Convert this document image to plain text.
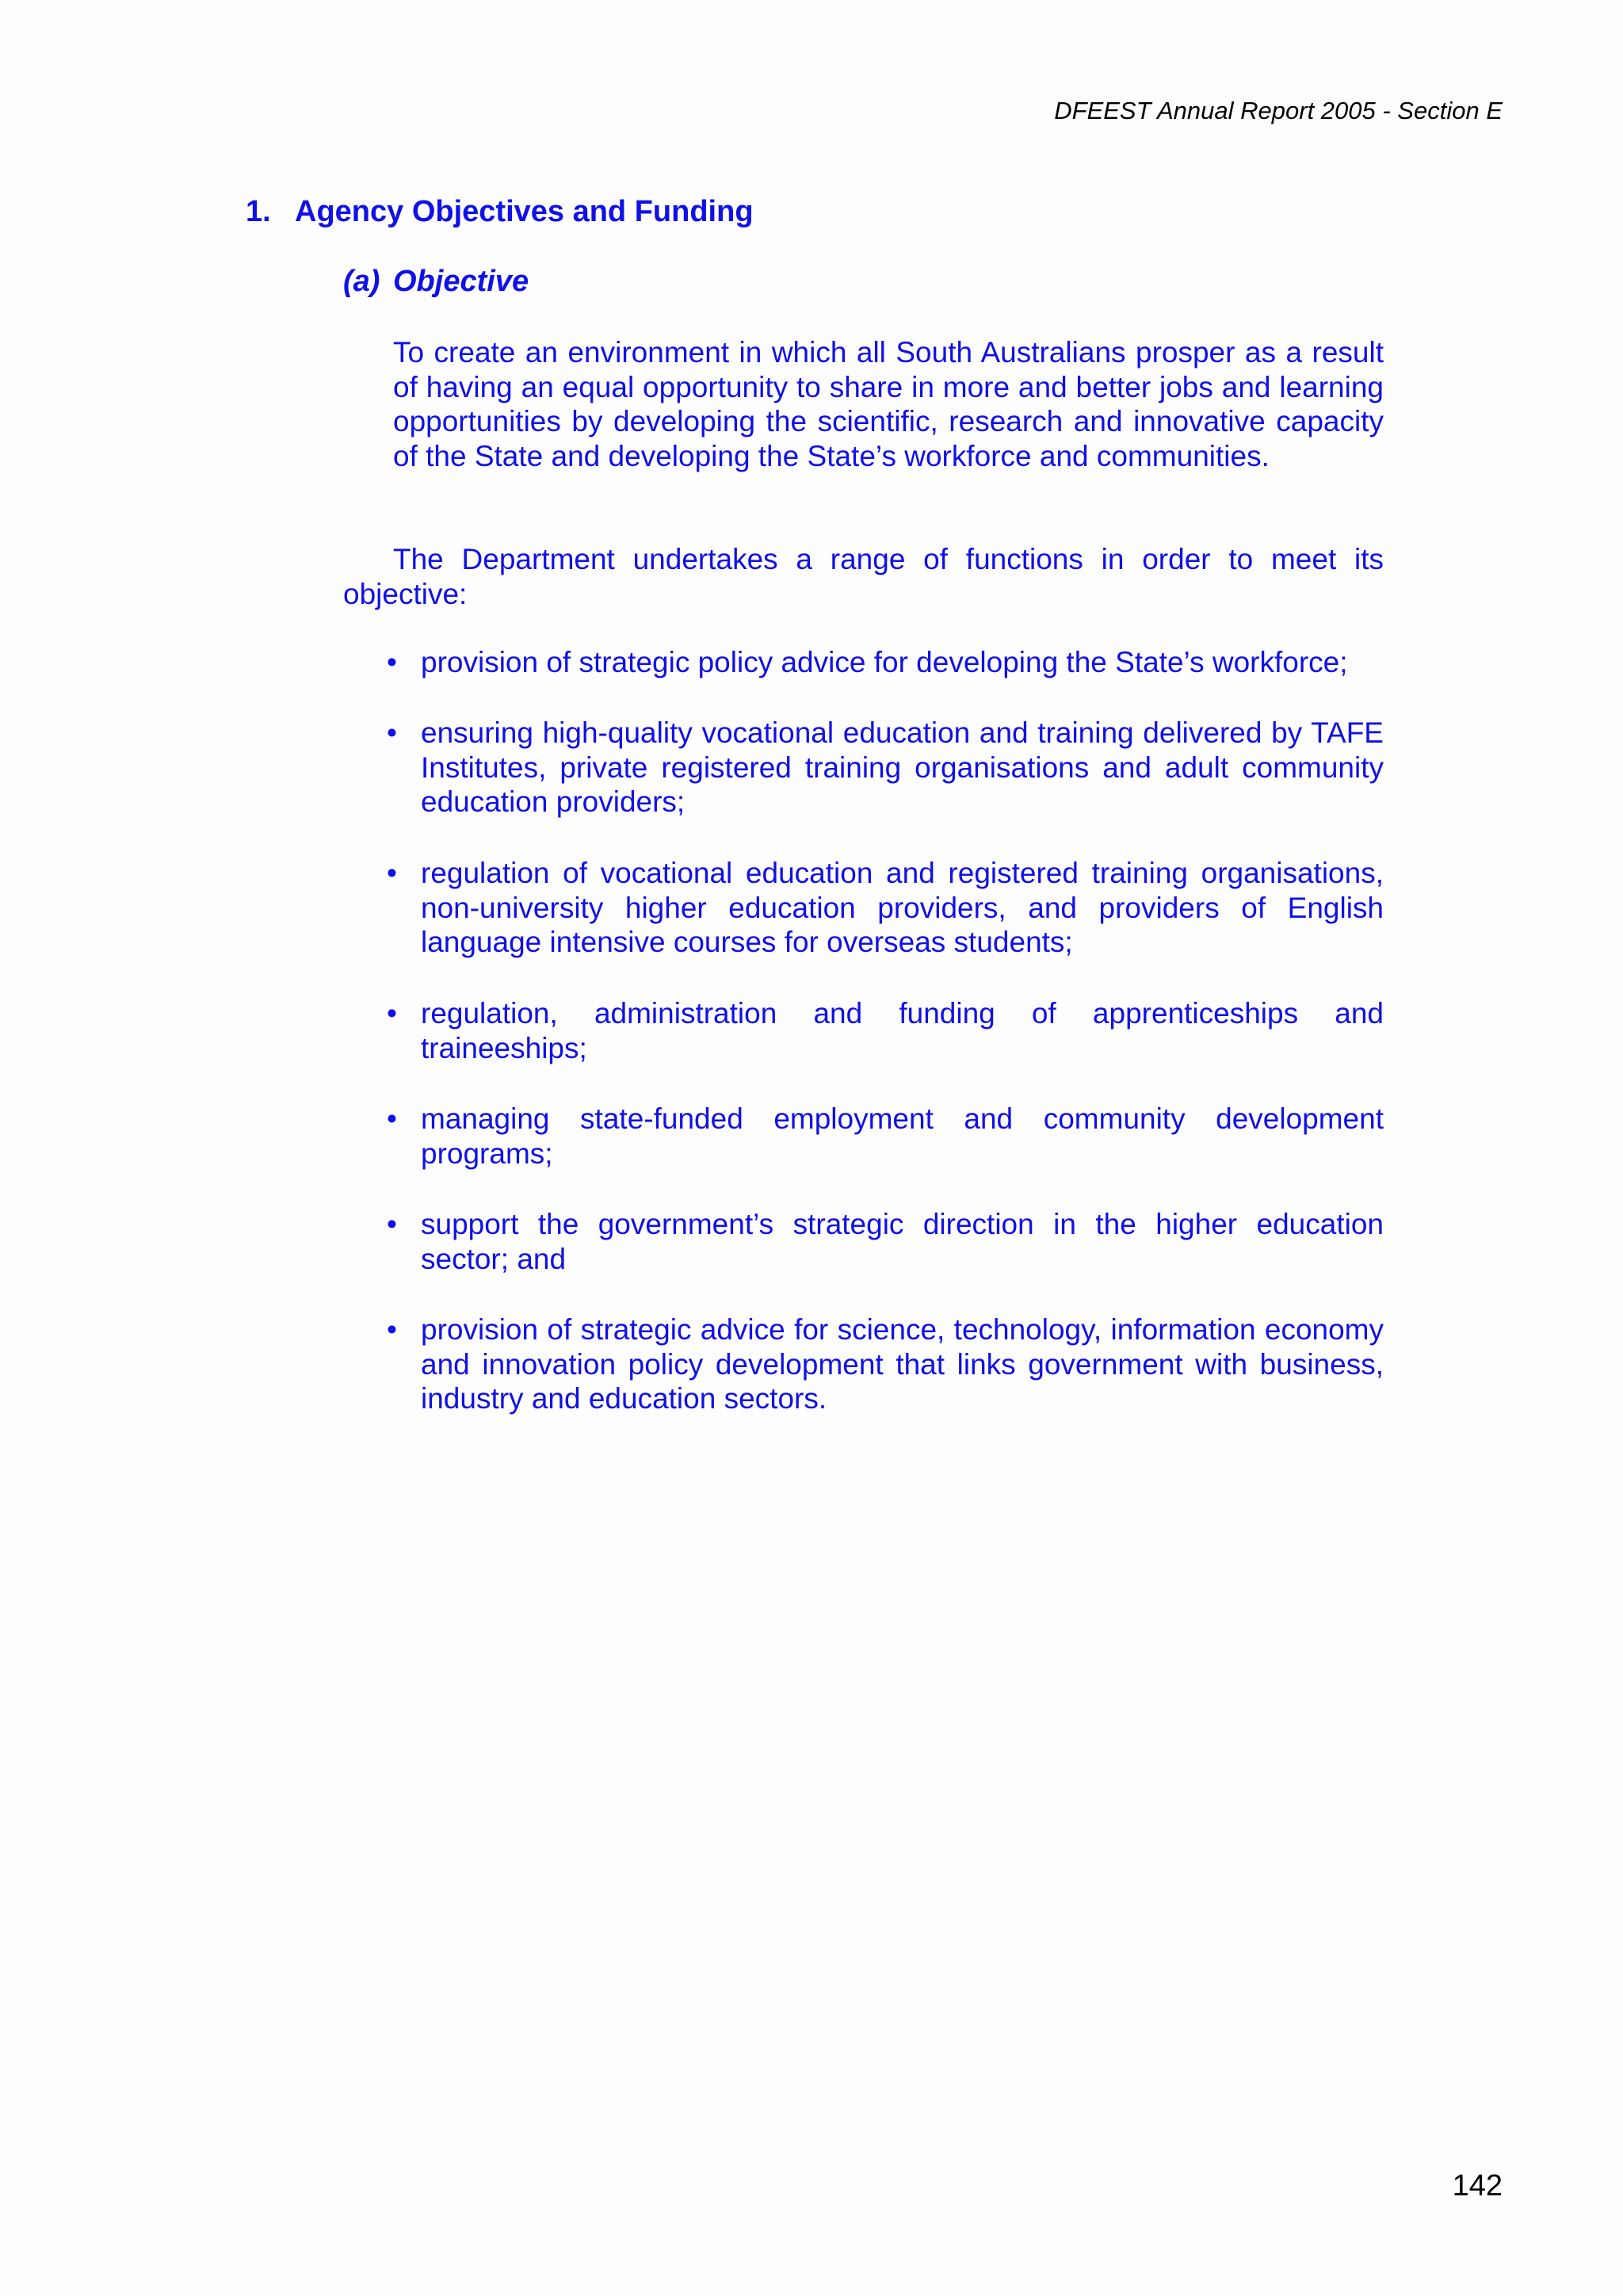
DFEEST Annual Report 2005 - Section E
1. Agency Objectives and Funding
(a) Objective

To create an environment in which all South Australians prosper as a result of having an equal opportunity to share in more and better jobs and learning opportunities by developing the scientific, research and innovative capacity of the State and developing the State’s workforce and communities.

The Department undertakes a range of functions in order to meet its objective:

• provision of strategic policy advice for developing the State’s workforce;
• ensuring high-quality vocational education and training delivered by TAFE Institutes, private registered training organisations and adult community education providers;
• regulation of vocational education and registered training organisations, non-university higher education providers, and providers of English language intensive courses for overseas students;
• regulation, administration and funding of apprenticeships and traineeships;
• managing state-funded employment and community development programs;
• support the government’s strategic direction in the higher education sector; and
• provision of strategic advice for science, technology, information economy and innovation policy development that links government with business, industry and education sectors.
142
